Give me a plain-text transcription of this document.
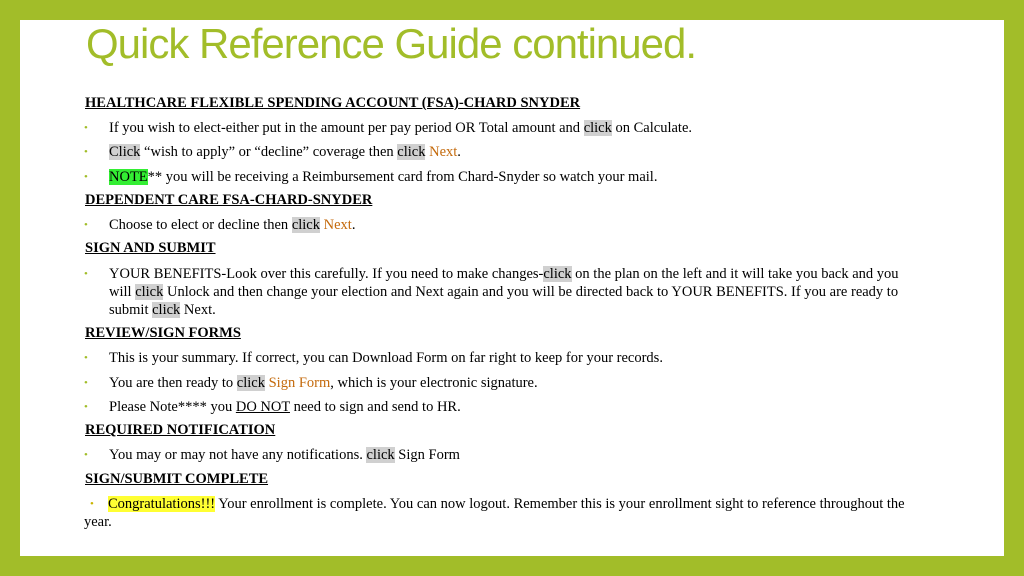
Quick Reference Guide continued.
HEALTHCARE FLEXIBLE SPENDING ACCOUNT (FSA)-CHARD SNYDER
•	If you wish to elect-either put in the amount per pay period OR Total amount and click on Calculate.
•	Click “wish to apply” or “decline” coverage then click Next.
•	NOTE** you will be receiving a Reimbursement card from Chard-Snyder so watch your mail.
DEPENDENT CARE FSA-CHARD-SNYDER
•	Choose to elect or decline then click Next.
SIGN AND SUBMIT
•	YOUR BENEFITS-Look over this carefully. If you need to make changes-click on the plan on the left and it will take you back and you will click Unlock and then change your election and Next again and you will be directed back to YOUR BENEFITS. If you are ready to submit click Next.
REVIEW/SIGN FORMS
•	This is your summary. If correct, you can Download Form on far right to keep for your records.
•	You are then ready to click Sign Form, which is your electronic signature.
•	Please Note**** you DO NOT need to sign and send to HR.
REQUIRED NOTIFICATION
•	You may or may not have any notifications. click Sign Form
SIGN/SUBMIT COMPLETE
• Congratulations!!! Your enrollment is complete. You can now logout. Remember this is your enrollment sight to reference throughout the year.
